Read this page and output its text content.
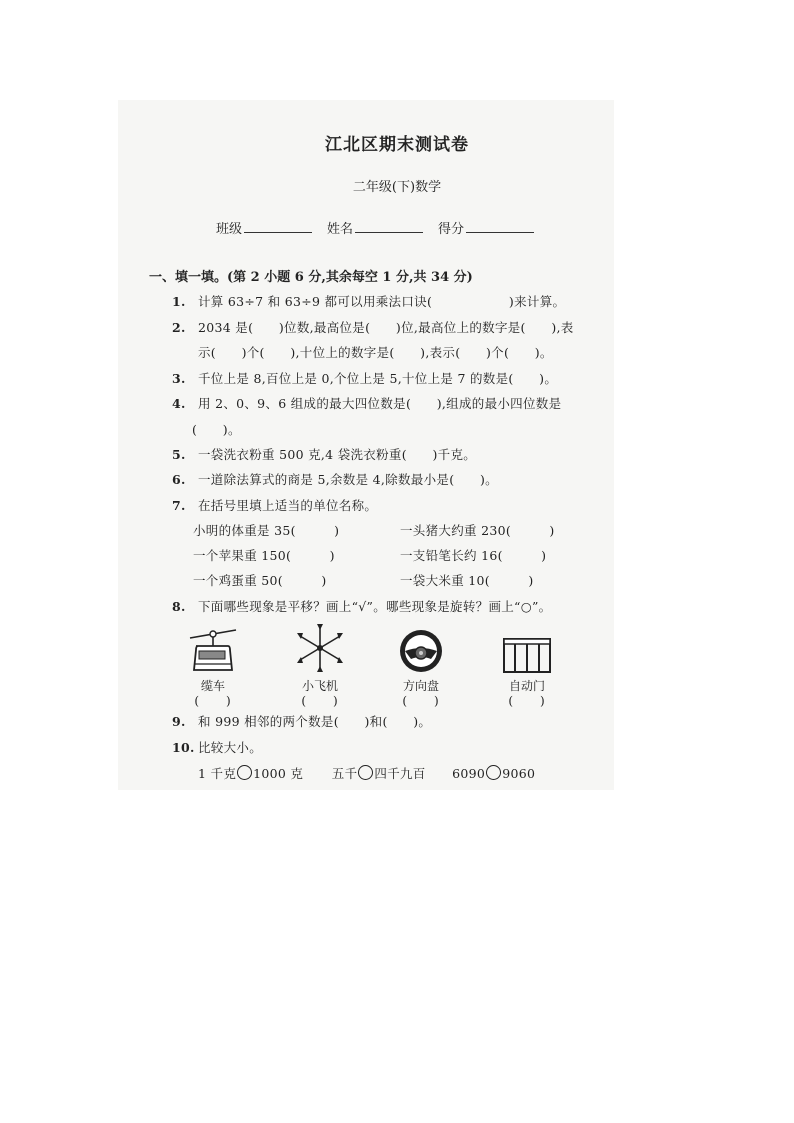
江北区期末测试卷
二年级(下)数学
班级	姓名	得分
一、填一填。(第 2 小题 6 分,其余每空 1 分,共 34 分)
1. 计算 63÷7 和 63÷9 都可以用乘法口诀(　　　　　　)来计算。
2. 2034 是(　　)位数,最高位是(　　)位,最高位上的数字是(　　),表
示(　　)个(　　),十位上的数字是(　　),表示(　　)个(　　)。
3. 千位上是 8,百位上是 0,个位上是 5,十位上是 7 的数是(　　)。
4. 用 2、0、9、6 组成的最大四位数是(　　),组成的最小四位数是
(　　)。
5. 一袋洗衣粉重 500 克,4 袋洗衣粉重(　　)千克。
6. 一道除法算式的商是 5,余数是 4,除数最小是(　　)。
7. 在括号里填上适当的单位名称。
小明的体重是 35(　　　)	一头猪大约重 230(　　　)
一个苹果重 150(　　　)	一支铅笔长约 16(　　　)
一个鸡蛋重 50(　　　)	一袋大米重 10(　　　)
8. 下面哪些现象是平移？画上“√”。哪些现象是旋转？画上“○”。
缆车	小飞机	方向盘	自动门
(　　)	(　　)	(　　)	(　　)
9. 和 999 相邻的两个数是(　　)和(　　)。
10. 比较大小。
1 千克 1000 克 五千 四千九百 6090 9060
